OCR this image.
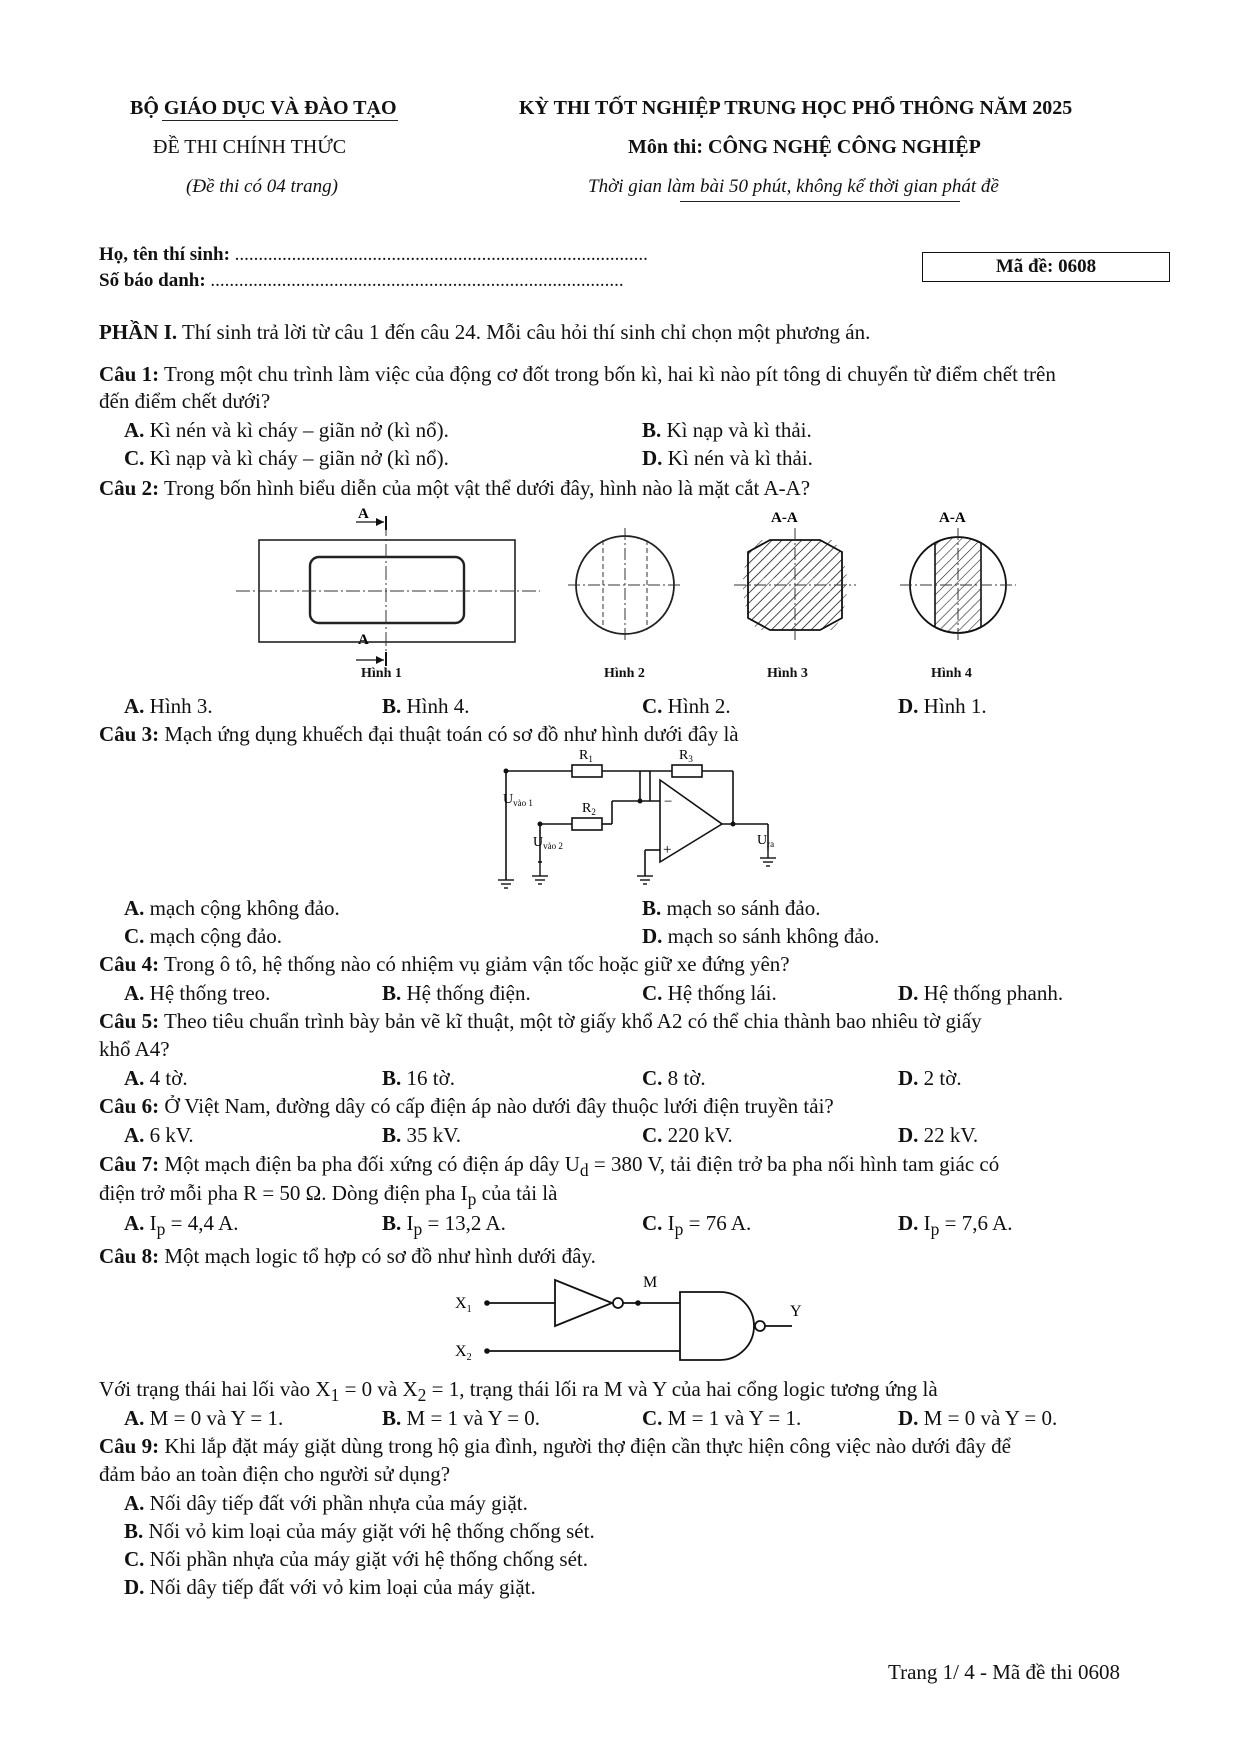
BỘ GIÁO DỤC VÀ ĐÀO TẠO
ĐỀ THI CHÍNH THỨC
(Đề thi có 04 trang)
KỲ THI TỐT NGHIỆP TRUNG HỌC PHỔ THÔNG NĂM 2025
Môn thi: CÔNG NGHỆ CÔNG NGHIỆP
Thời gian làm bài 50 phút, không kể thời gian phát đề
Họ, tên thí sinh: .......................................................................................
Số báo danh: .......................................................................................
Mã đề: 0608
PHẦN I. Thí sinh trả lời từ câu 1 đến câu 24. Mỗi câu hỏi thí sinh chỉ chọn một phương án.
Câu 1: Trong một chu trình làm việc của động cơ đốt trong bốn kì, hai kì nào pít tông di chuyển từ điểm chết trên
đến điểm chết dưới?
A. Kì nén và kì cháy – giãn nở (kì nổ).	B. Kì nạp và kì thải.
C. Kì nạp và kì cháy – giãn nở (kì nổ).	D. Kì nén và kì thải.
Câu 2: Trong bốn hình biểu diễn của một vật thể dưới đây, hình nào là mặt cắt A-A?
A
A
A-A	A-A
Hình 1	Hình 2	Hình 3	Hình 4
A. Hình 3.	B. Hình 4.	C. Hình 2.	D. Hình 1.
Câu 3: Mạch ứng dụng khuếch đại thuật toán có sơ đồ như hình dưới đây là
$R_1$	$R_3$
$R_2$
$U_{vào 1}$
$U_{vào 2}$	$U_{ra}$
−
+
A. mạch cộng không đảo.	B. mạch so sánh đảo.
C. mạch cộng đảo.	D. mạch so sánh không đảo.
Câu 4: Trong ô tô, hệ thống nào có nhiệm vụ giảm vận tốc hoặc giữ xe đứng yên?
A. Hệ thống treo.	B. Hệ thống điện.	C. Hệ thống lái.	D. Hệ thống phanh.
Câu 5: Theo tiêu chuẩn trình bày bản vẽ kĩ thuật, một tờ giấy khổ A2 có thể chia thành bao nhiêu tờ giấy
khổ A4?
A. 4 tờ.	B. 16 tờ.	C. 8 tờ.	D. 2 tờ.
Câu 6: Ở Việt Nam, đường dây có cấp điện áp nào dưới đây thuộc lưới điện truyền tải?
A. 6 kV.	B. 35 kV.	C. 220 kV.	D. 22 kV.
Câu 7: Một mạch điện ba pha đối xứng có điện áp dây $U_d = 380$ V, tải điện trở ba pha nối hình tam giác có
điện trở mỗi pha R = 50 Ω. Dòng điện pha $I_p$ của tải là
A. $I_p = 4,4$ A.	B. $I_p = 13,2$ A.	C. $I_p = 76$ A.	D. $I_p = 7,6$ A.
Câu 8: Một mạch logic tổ hợp có sơ đồ như hình dưới đây.
$X_1$
$X_2$
M
Y
Với trạng thái hai lối vào $X_1 = 0$ và $X_2 = 1$, trạng thái lối ra M và Y của hai cổng logic tương ứng là
A. M = 0 và Y = 1.	B. M = 1 và Y = 0.	C. M = 1 và Y = 1.	D. M = 0 và Y = 0.
Câu 9: Khi lắp đặt máy giặt dùng trong hộ gia đình, người thợ điện cần thực hiện công việc nào dưới đây để
đảm bảo an toàn điện cho người sử dụng?
A. Nối dây tiếp đất với phần nhựa của máy giặt.
B. Nối vỏ kim loại của máy giặt với hệ thống chống sét.
C. Nối phần nhựa của máy giặt với hệ thống chống sét.
D. Nối dây tiếp đất với vỏ kim loại của máy giặt.
Trang 1/ 4 - Mã đề thi 0608
